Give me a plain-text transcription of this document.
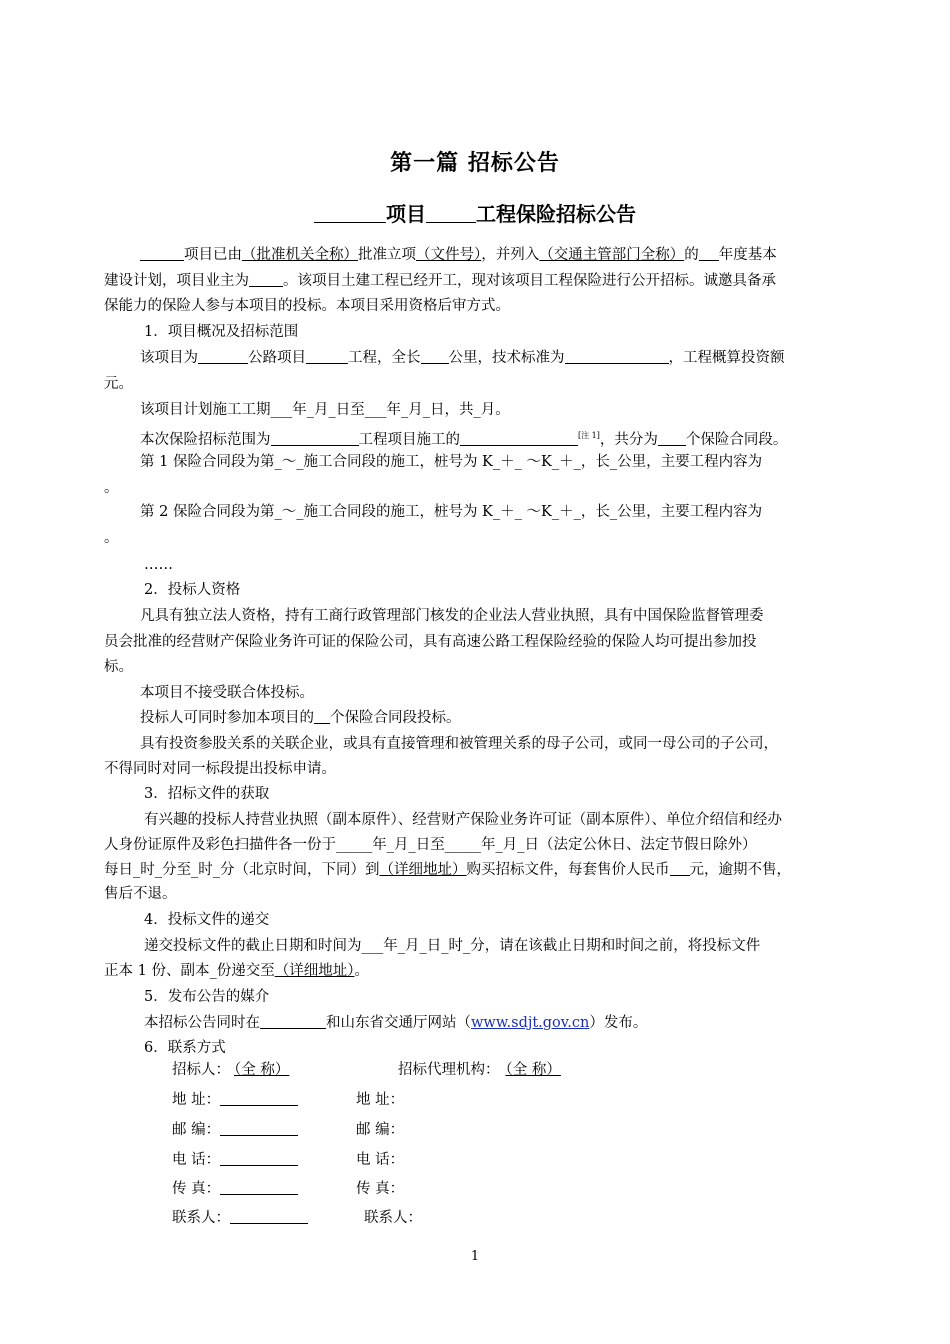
第一篇 招标公告
项目	工程保险招标公告
项目已由（批准机关全称）批准立项（文件号），并列入（交通主管部门全称）的 年度基本
建设计划，项目业主为 。该项目土建工程已经开工，现对该项目工程保险进行公开招标。诚邀具备承
保能力的保险人参与本项目的投标。本项目采用资格后审方式。
1．项目概况及招标范围
该项目为	公路项目	工程，全长 公里，技术标准为	，工程概算投资额
元。
该项目计划施工工期___年_月_日至___年_月_日，共_月。
本次保险招标范围为	工程项目施工的	[注 1]，共分为 个保险合同段。
第 1 保险合同段为第_～_施工合同段的施工，桩号为 K_＋_ ～K_＋_，长_公里，主要工程内容为
。
第 2 保险合同段为第_～_施工合同段的施工，桩号为 K_＋_ ～K_＋_，长_公里，主要工程内容为
。
……
2．投标人资格
凡具有独立法人资格，持有工商行政管理部门核发的企业法人营业执照，具有中国保险监督管理委
员会批准的经营财产保险业务许可证的保险公司，具有高速公路工程保险经验的保险人均可提出参加投
标。
本项目不接受联合体投标。
投标人可同时参加本项目的 个保险合同段投标。
具有投资参股关系的关联企业，或具有直接管理和被管理关系的母子公司，或同一母公司的子公司，
不得同时对同一标段提出投标申请。
3．招标文件的获取
有兴趣的投标人持营业执照（副本原件）、经营财产保险业务许可证（副本原件）、单位介绍信和经办
人身份证原件及彩色扫描件各一份于_____年_月_日至_____年_月_日（法定公休日、法定节假日除外）
每日_时_分至_时_分（北京时间，下同）到（详细地址）购买招标文件，每套售价人民币 元，逾期不售，
售后不退。
4．投标文件的递交
递交投标文件的截止日期和时间为___年_月_日_时_分，请在该截止日期和时间之前，将投标文件
正本 1 份、副本_份递交至（详细地址）。
5．发布公告的媒介
本招标公告同时在	和山东省交通厅网站（www.sdjt.gov.cn）发布。
6．联系方式
招标人： （全 称）	招标代理机构： （全 称）
地 址：	地 址：
邮 编：	邮 编：
电 话：	电 话：
传 真：	传 真：
联系人：	联系人：
1
